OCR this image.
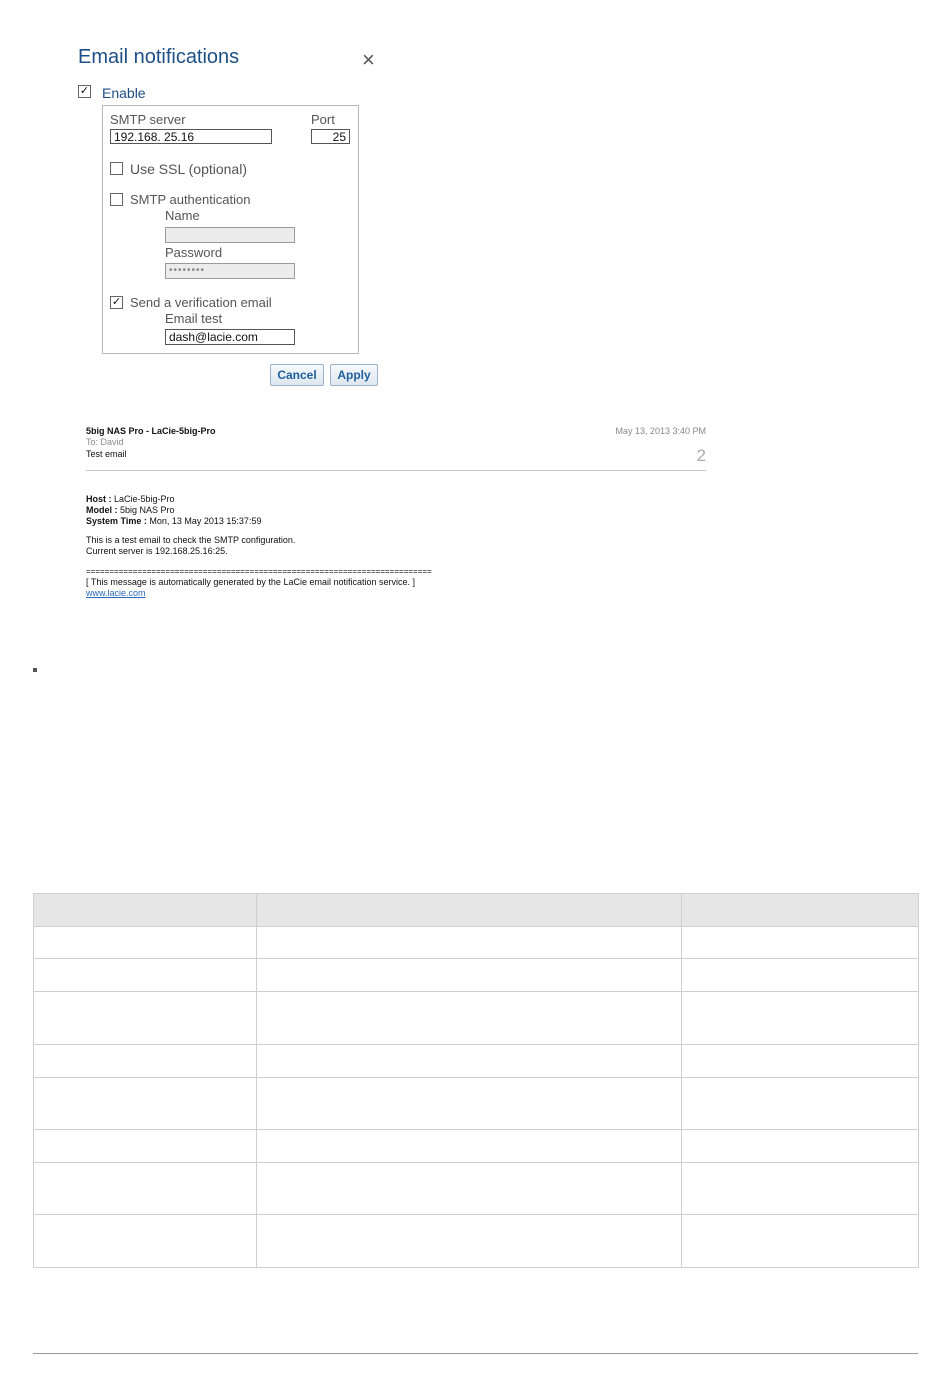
Email notifications	×
✓ Enable
SMTP server	Port
192.168. 25.16	25
Use SSL (optional)
SMTP authentication
Name
Password
••••••••
✓ Send a verification email
Email test
dash@lacie.com
Cancel	Apply
5big NAS Pro - LaCie-5big-Pro
To: David
Test email
May 13, 2013 3:40 PM
2
Host : LaCie-5big-Pro
Model : 5big NAS Pro
System Time : Mon, 13 May 2013 15:37:59
This is a test email to check the SMTP configuration.
Current server is 192.168.25.16:25.
==========================================================================
[ This message is automatically generated by the LaCie email notification service. ]
www.lacie.com
